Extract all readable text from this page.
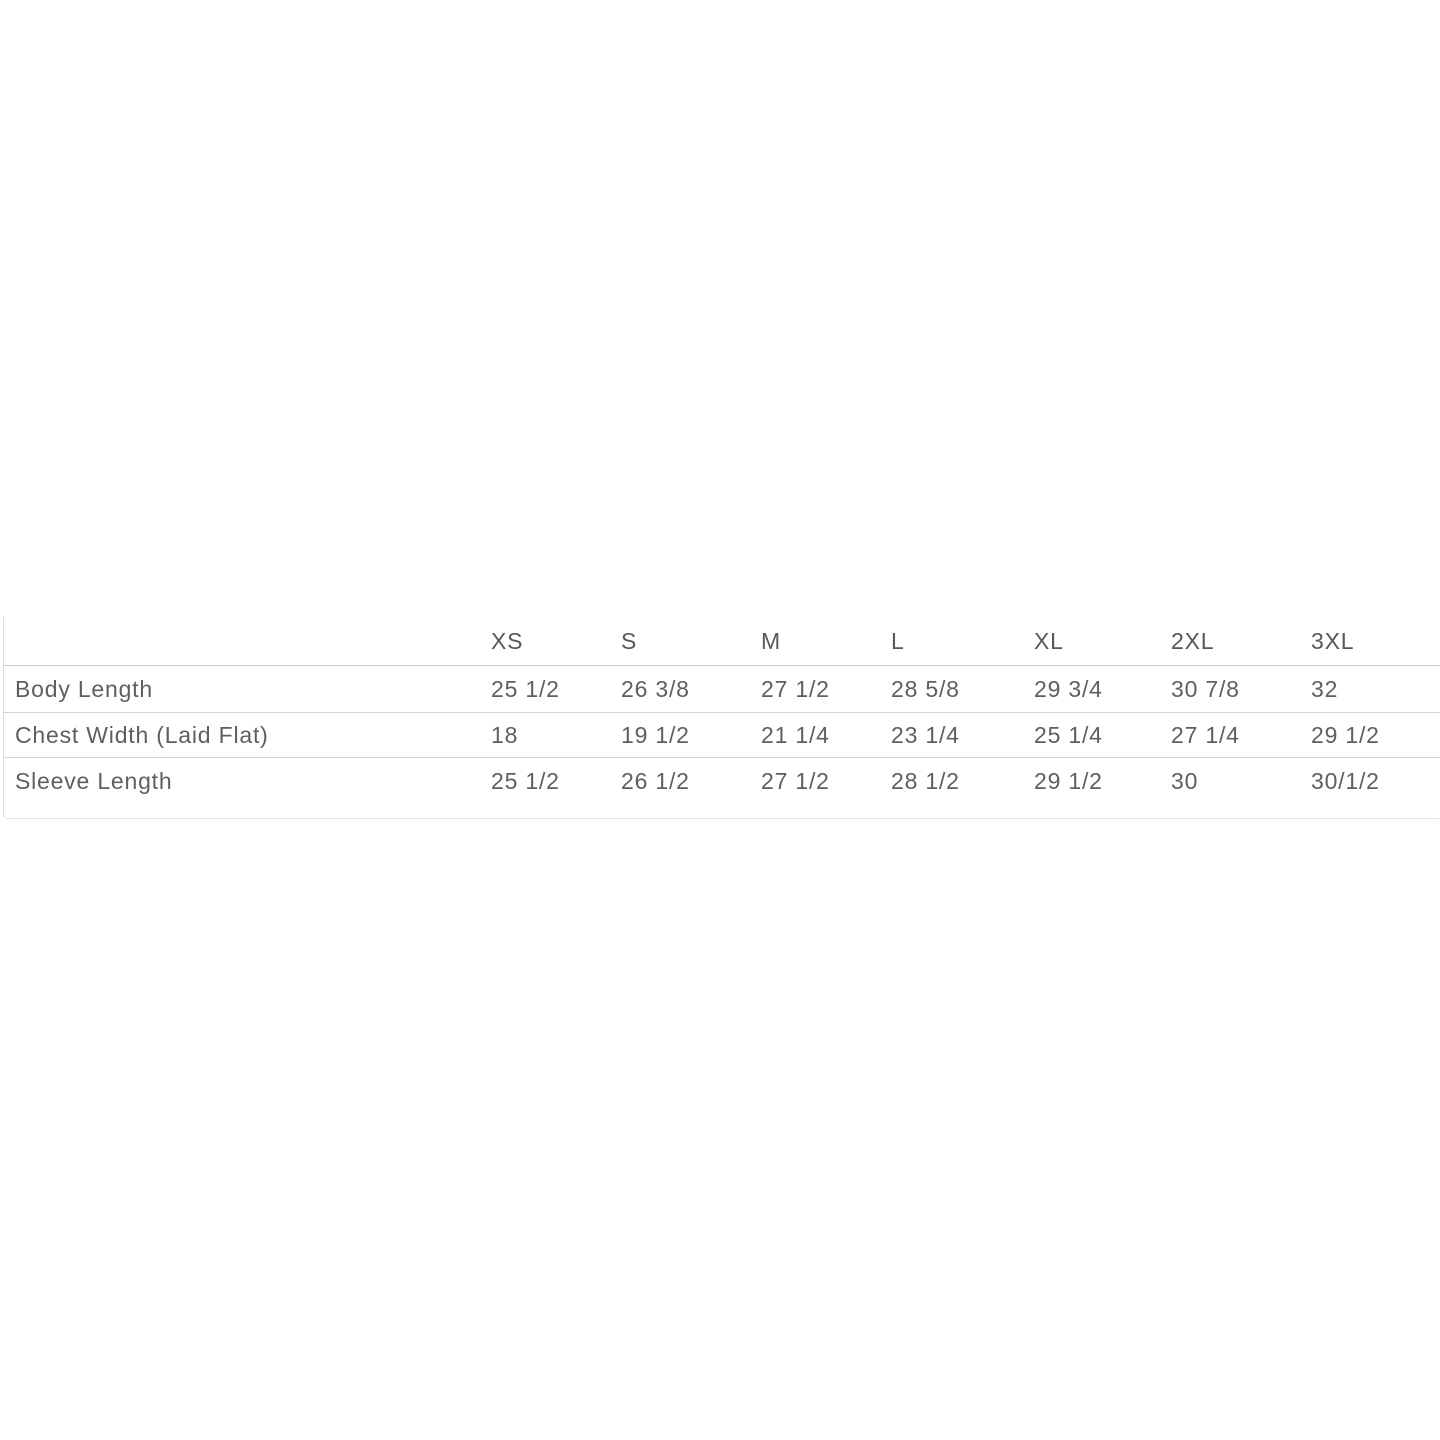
	XS	S	M	L	XL	2XL	3XL
Body Length	25 1/2	26 3/8	27 1/2	28 5/8	29 3/4	30 7/8	32
Chest Width (Laid Flat)	18	19 1/2	21 1/4	23 1/4	25 1/4	27 1/4	29 1/2
Sleeve Length	25 1/2	26 1/2	27 1/2	28 1/2	29 1/2	30	30/1/2
